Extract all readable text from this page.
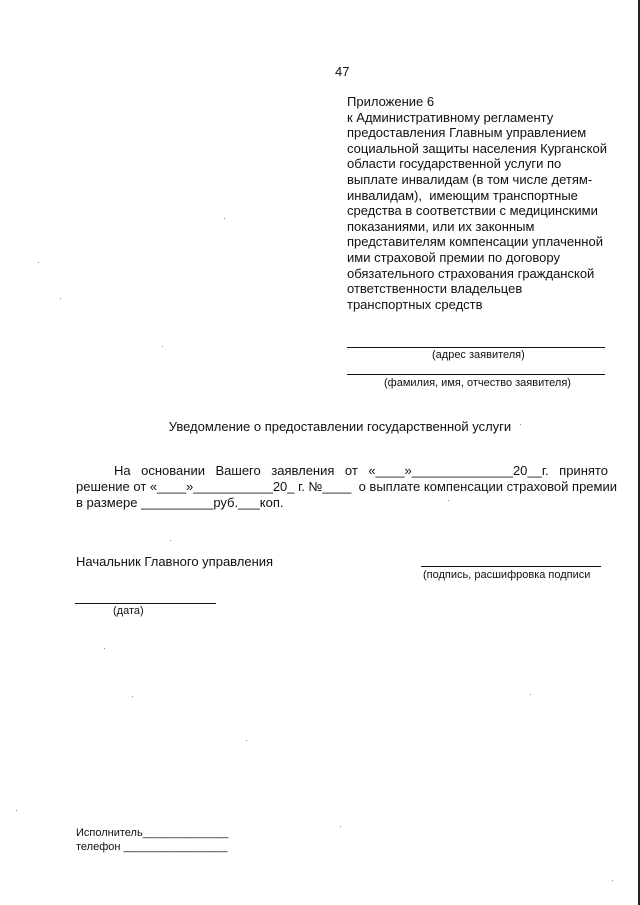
47
Приложение 6
к Административному регламенту
предоставления Главным управлением
социальной защиты населения Курганской
области государственной услуги по
выплате инвалидам (в том числе детям-
инвалидам),  имеющим транспортные
средства в соответствии с медицинскими
показаниями, или их законным
представителям компенсации уплаченной
ими страховой премии по договору
обязательного страхования гражданской
ответственности владельцев
транспортных средств
(адрес заявителя)
(фамилия, имя, отчество заявителя)
Уведомление о предоставлении государственной услуги
На основании Вашего заявления от «____»______________20__г. принято
решение от «____»___________20_ г. №____  о выплате компенсации страховой премии
в размере __________руб.___коп.
Начальник Главного управления
(подпись, расшифровка подписи
(дата)
Исполнитель______________
телефон _________________
